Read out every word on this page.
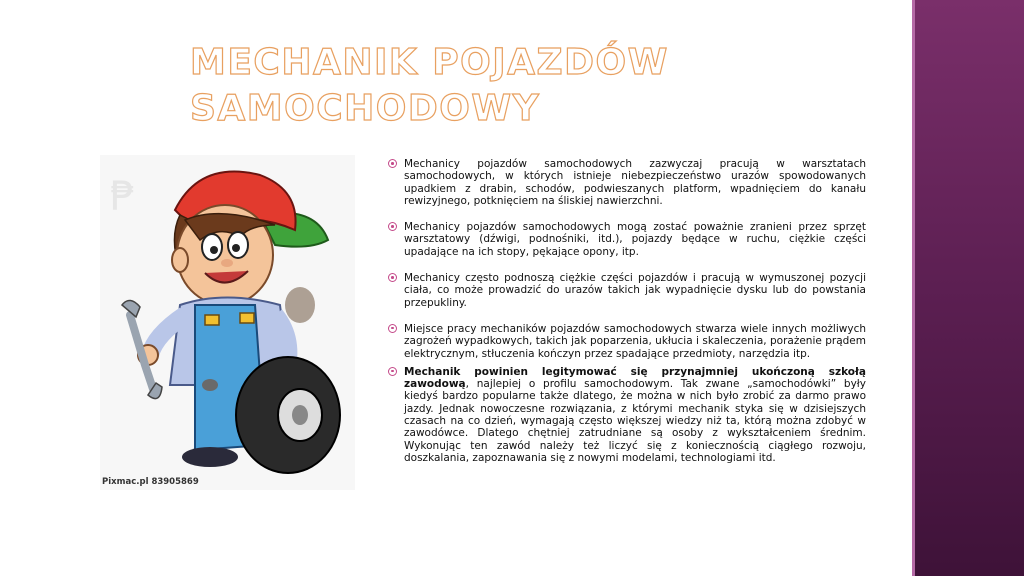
MECHANIK POJAZDÓW
SAMOCHODOWY
₱
Pixmac.pl 83905869
Mechanicy pojazdów samochodowych zazwyczaj pracują w warsztatach samochodowych, w których istnieje niebezpieczeństwo urazów spowodowanych upadkiem z drabin, schodów, podwieszanych platform, wpadnięciem do kanału rewizyjnego, potknięciem na śliskiej nawierzchni.
Mechanicy pojazdów samochodowych mogą zostać poważnie zranieni przez sprzęt warsztatowy (dźwigi, podnośniki, itd.), pojazdy będące w ruchu, ciężkie części upadające na ich stopy, pękające opony, itp.
Mechanicy często podnoszą ciężkie części pojazdów i pracują w wymuszonej pozycji ciała, co może prowadzić do urazów takich jak wypadnięcie dysku lub do powstania przepukliny.
Miejsce pracy mechaników pojazdów samochodowych stwarza wiele innych możliwych zagrożeń wypadkowych, takich jak poparzenia, ukłucia i skaleczenia, porażenie prądem elektrycznym, stłuczenia kończyn przez spadające przedmioty, narzędzia itp.
Mechanik powinien legitymować się przynajmniej ukończoną szkołą zawodową, najlepiej o profilu samochodowym. Tak zwane „samochodówki” były kiedyś bardzo popularne także dlatego, że można w nich było zrobić za darmo prawo jazdy. Jednak nowoczesne rozwiązania, z którymi mechanik styka się w dzisiejszych czasach na co dzień, wymagają często większej wiedzy niż ta, którą można zdobyć w zawodówce. Dlatego chętniej zatrudniane są osoby z wykształceniem średnim. Wykonując ten zawód należy też liczyć się z koniecznością ciągłego rozwoju, doszkalania, zapoznawania się z nowymi modelami, technologiami itd.
